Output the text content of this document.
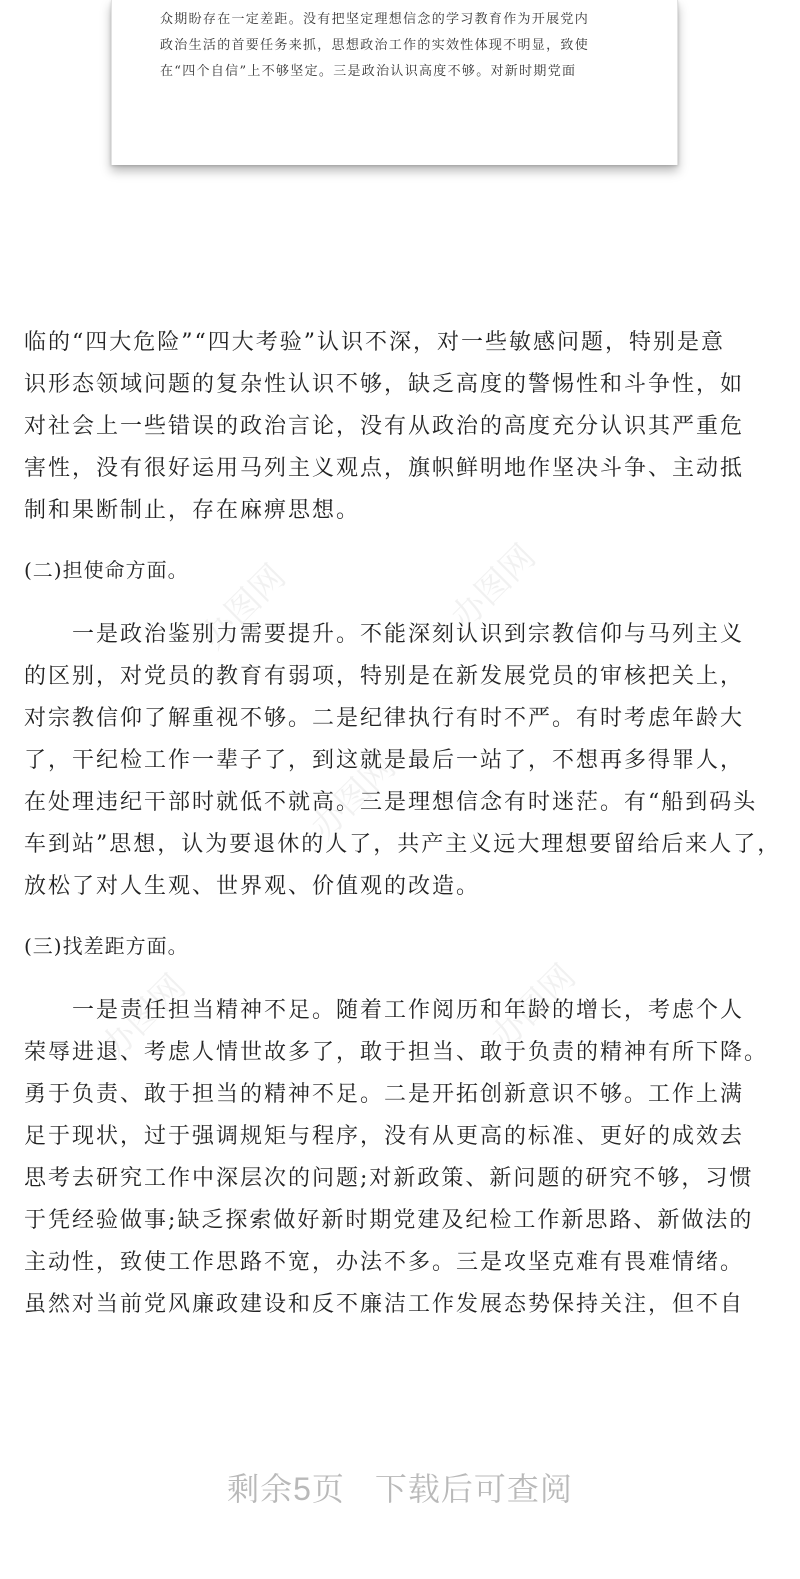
众期盼存在一定差距。没有把坚定理想信念的学习教育作为开展党内
政治生活的首要任务来抓，思想政治工作的实效性体现不明显，致使
在“四个自信”上不够坚定。三是政治认识高度不够。对新时期党面
办图网
办图网
办图网
办图网	办图网
临的“四大危险”“四大考验”认识不深，对一些敏感问题，特别是意
识形态领域问题的复杂性认识不够，缺乏高度的警惕性和斗争性，如
对社会上一些错误的政治言论，没有从政治的高度充分认识其严重危
害性，没有很好运用马列主义观点，旗帜鲜明地作坚决斗争、主动抵
制和果断制止，存在麻痹思想。
(二)担使命方面。
　　一是政治鉴别力需要提升。不能深刻认识到宗教信仰与马列主义
的区别，对党员的教育有弱项，特别是在新发展党员的审核把关上，
对宗教信仰了解重视不够。二是纪律执行有时不严。有时考虑年龄大
了，干纪检工作一辈子了，到这就是最后一站了，不想再多得罪人，
在处理违纪干部时就低不就高。三是理想信念有时迷茫。有“船到码头
车到站”思想，认为要退休的人了，共产主义远大理想要留给后来人了，
放松了对人生观、世界观、价值观的改造。
(三)找差距方面。
　　一是责任担当精神不足。随着工作阅历和年龄的增长，考虑个人
荣辱进退、考虑人情世故多了，敢于担当、敢于负责的精神有所下降。
勇于负责、敢于担当的精神不足。二是开拓创新意识不够。工作上满
足于现状，过于强调规矩与程序，没有从更高的标准、更好的成效去
思考去研究工作中深层次的问题;对新政策、新问题的研究不够，习惯
于凭经验做事;缺乏探索做好新时期党建及纪检工作新思路、新做法的
主动性，致使工作思路不宽，办法不多。三是攻坚克难有畏难情绪。
虽然对当前党风廉政建设和反不廉洁工作发展态势保持关注，但不自
剩余5页 下载后可查阅
